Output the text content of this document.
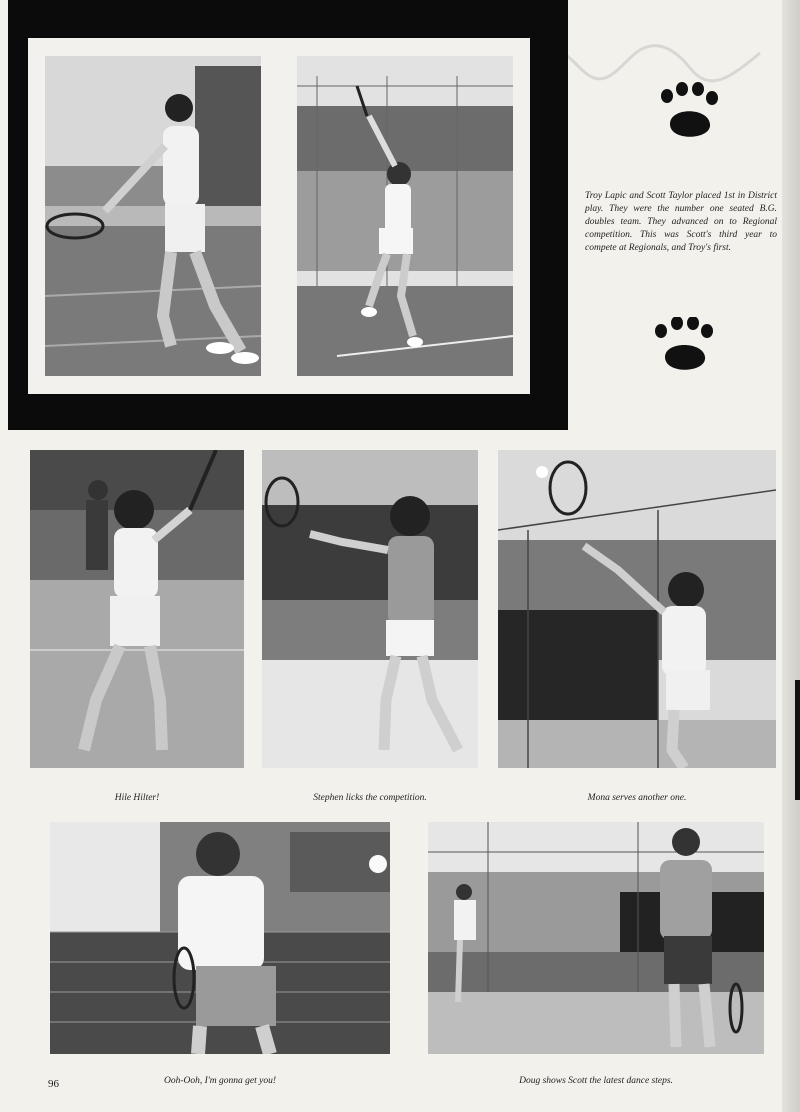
Troy Lapic and Scott Taylor placed 1st in District play. They were the number one seated B.G. doubles team. They advanced on to Regional competition. This was Scott's third year to compete at Regionals, and Troy's first.
Hile Hilter!	Stephen licks the competition.	Mona serves another one.
Ooh-Ooh, I'm gonna get you!	Doug shows Scott the latest dance steps.
96
